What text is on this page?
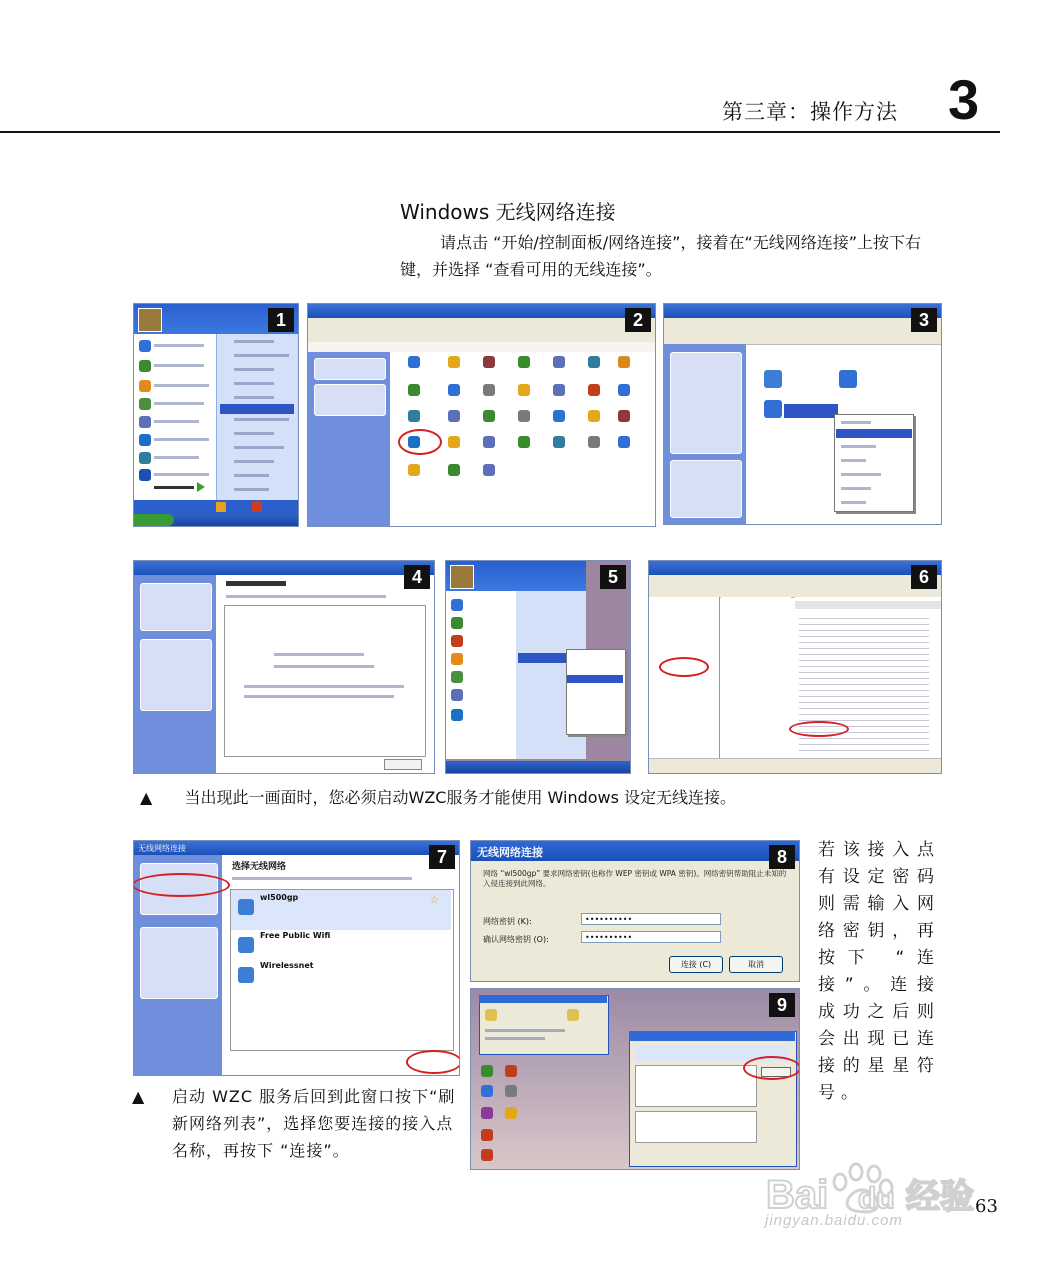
第三章：操作方法 3
Windows 无线网络连接
请点击 “开始/控制面板/网络连接”，接着在“无线网络连接”上按下右键，并选择 “查看可用的无线连接”。
1	2	3
4	5	6
▲ 当出现此一画面时，您必须启动WZC服务才能使用 Windows 设定无线连接。
无线网络连接
选择无线网络
wl500gp	☆
Free Public Wifi
Wirelessnet
7
▲ 启动 WZC 服务后回到此窗口按下“刷新网络列表”，选择您要连接的接入点名称，再按下 “连接”。
无线网络连接
网络 “wl500gp” 要求网络密钥(也称作 WEP 密钥或 WPA 密钥)。网络密钥帮助阻止未知的入侵连接到此网络。
网络密钥 (K):	••••••••••
确认网络密钥 (O):	••••••••••
连接 (C)	取消
8
9
若该接入点有设定密码则需输入网络密钥，再按下 “连接”。连接成功之后则会出现已连接的星星符号。
Bai du 经验
jingyan.baidu.com
63
